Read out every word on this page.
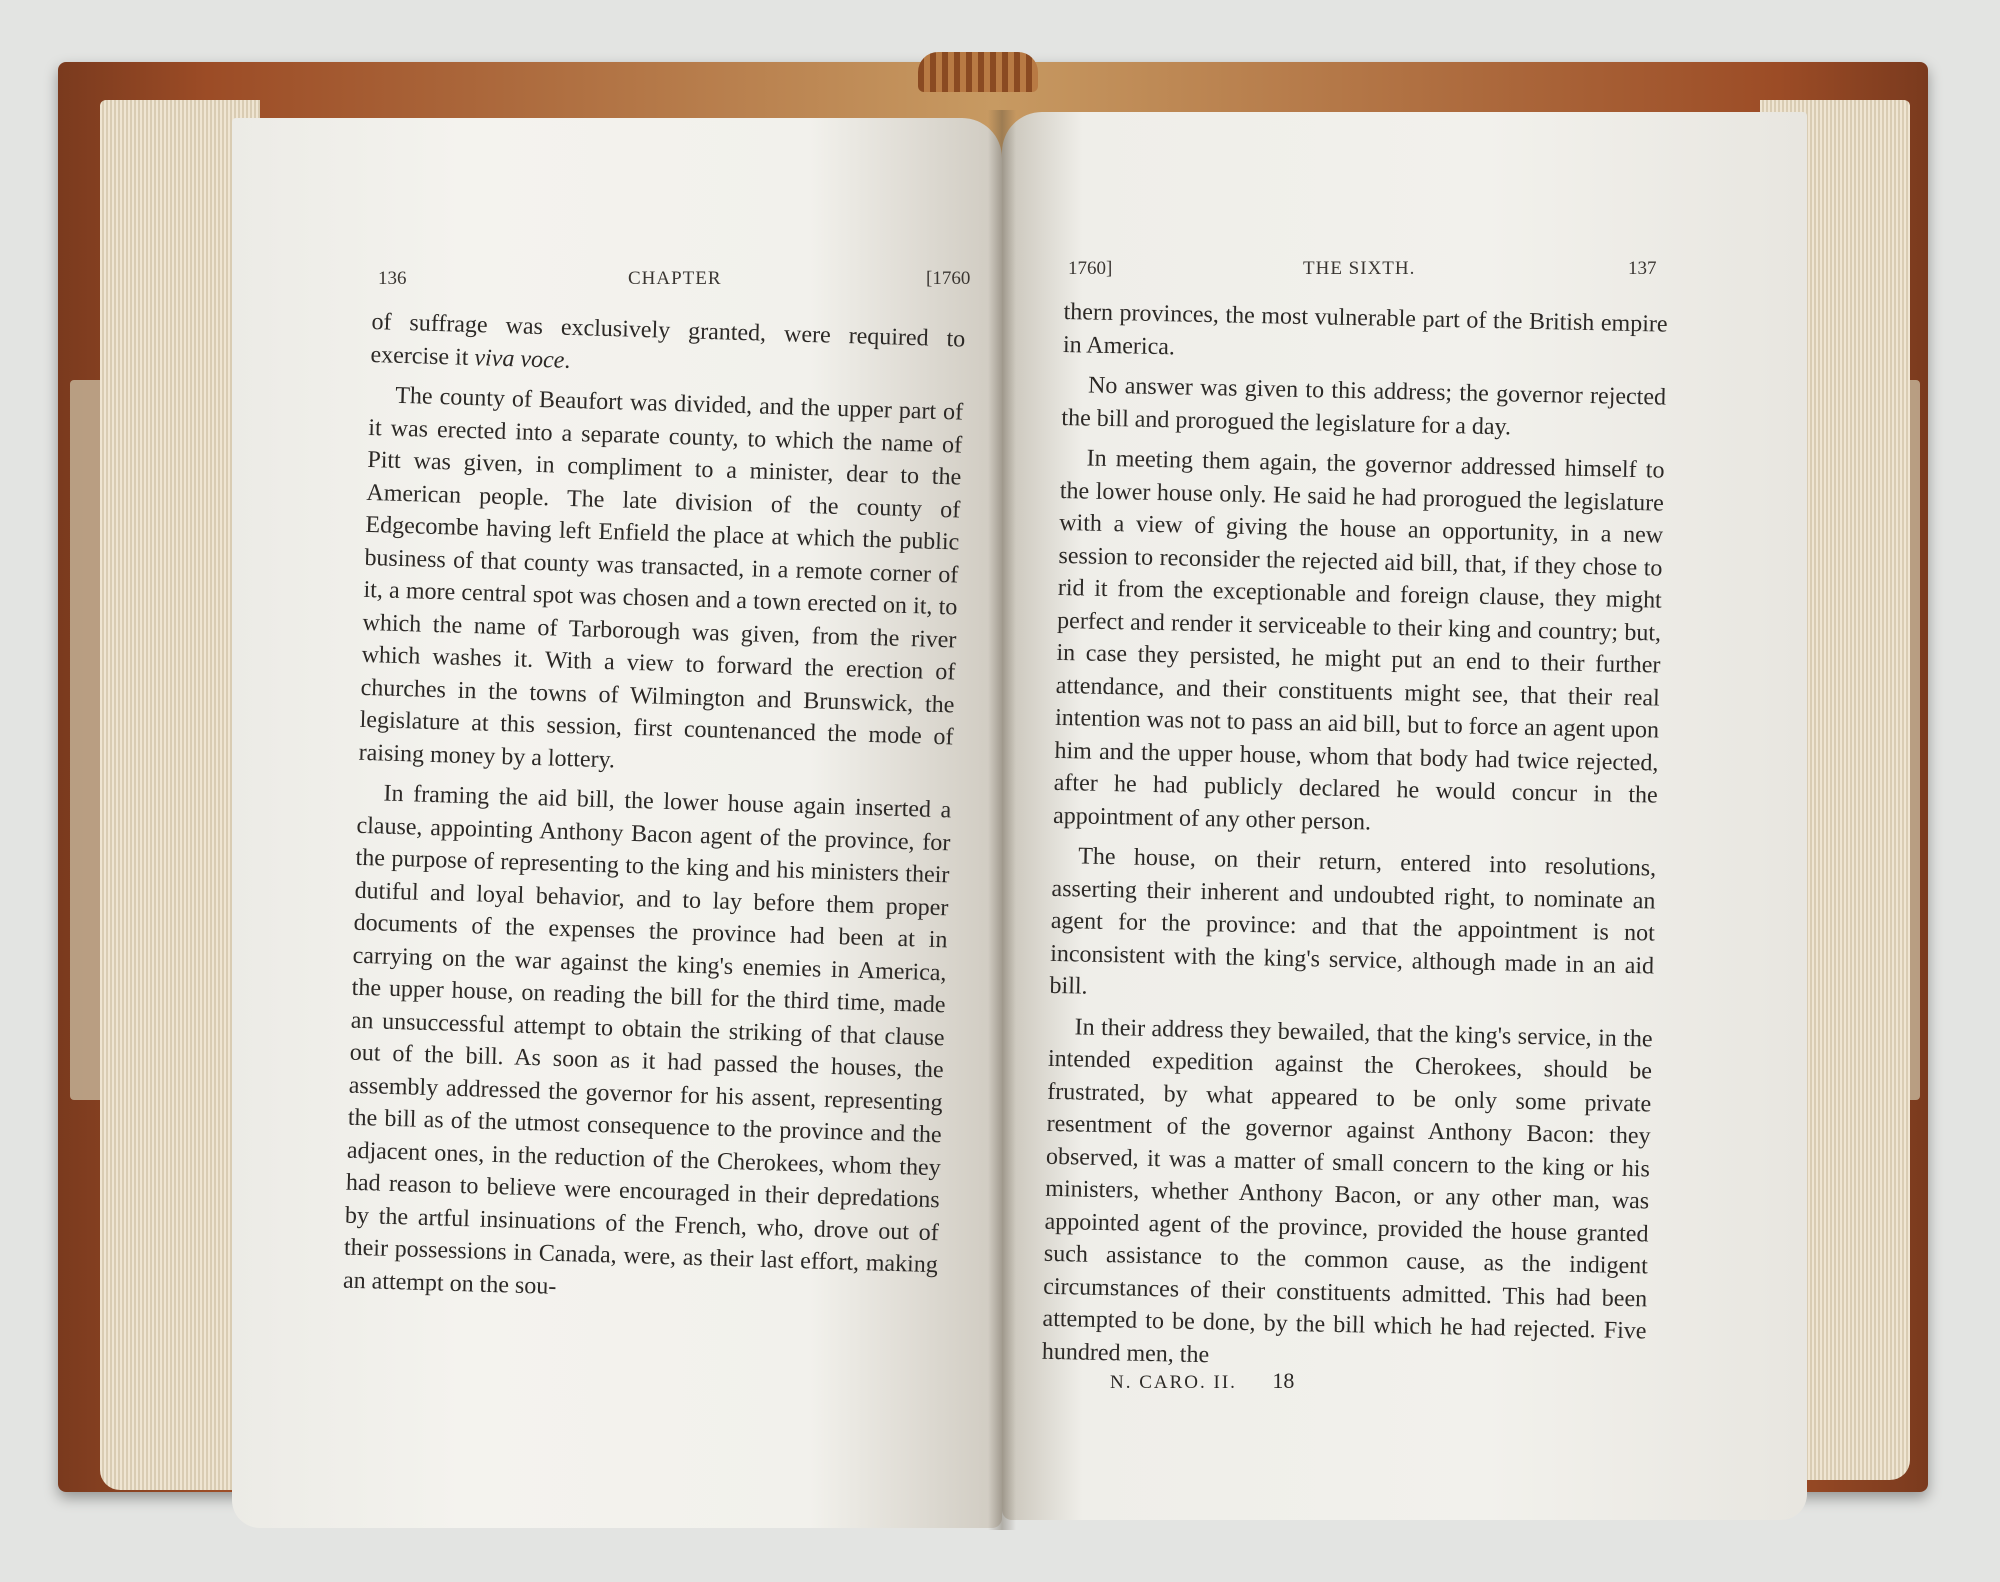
136	CHAPTER	[1760

of suffrage was exclusively granted, were required to exercise it viva voce.

The county of Beaufort was divided, and the upper part of it was erected into a separate county, to which the name of Pitt was given, in compliment to a minister, dear to the American people. The late division of the county of Edgecombe having left Enfield the place at which the public business of that county was transacted, in a remote corner of it, a more central spot was chosen and a town erected on it, to which the name of Tarborough was given, from the river which washes it. With a view to forward the erection of churches in the towns of Wilmington and Brunswick, the legislature at this session, first countenanced the mode of raising money by a lottery.

In framing the aid bill, the lower house again inserted a clause, appointing Anthony Bacon agent of the province, for the purpose of representing to the king and his ministers their dutiful and loyal behavior, and to lay before them proper documents of the expenses the province had been at in carrying on the war against the king's enemies in America, the upper house, on reading the bill for the third time, made an unsuccessful attempt to obtain the striking of that clause out of the bill. As soon as it had passed the houses, the assembly addressed the governor for his assent, representing the bill as of the utmost consequence to the province and the adjacent ones, in the reduction of the Cherokees, whom they had reason to believe were encouraged in their depredations by the artful insinuations of the French, who, drove out of their possessions in Canada, were, as their last effort, making an attempt on the sou-

1760]	THE SIXTH.	137

thern provinces, the most vulnerable part of the British empire in America.

No answer was given to this address; the governor rejected the bill and prorogued the legislature for a day.

In meeting them again, the governor addressed himself to the lower house only. He said he had prorogued the legislature with a view of giving the house an opportunity, in a new session to reconsider the rejected aid bill, that, if they chose to rid it from the exceptionable and foreign clause, they might perfect and render it serviceable to their king and country; but, in case they persisted, he might put an end to their further attendance, and their constituents might see, that their real intention was not to pass an aid bill, but to force an agent upon him and the upper house, whom that body had twice rejected, after he had publicly declared he would concur in the appointment of any other person.

The house, on their return, entered into resolutions, asserting their inherent and undoubted right, to nominate an agent for the province: and that the appointment is not inconsistent with the king's service, although made in an aid bill.

In their address they bewailed, that the king's service, in the intended expedition against the Cherokees, should be frustrated, by what appeared to be only some private resentment of the governor against Anthony Bacon: they observed, it was a matter of small concern to the king or his ministers, whether Anthony Bacon, or any other man, was appointed agent of the province, provided the house granted such assistance to the common cause, as the indigent circumstances of their constituents admitted. This had been attempted to be done, by the bill which he had rejected. Five hundred men, the

N. CARO. II. 18
